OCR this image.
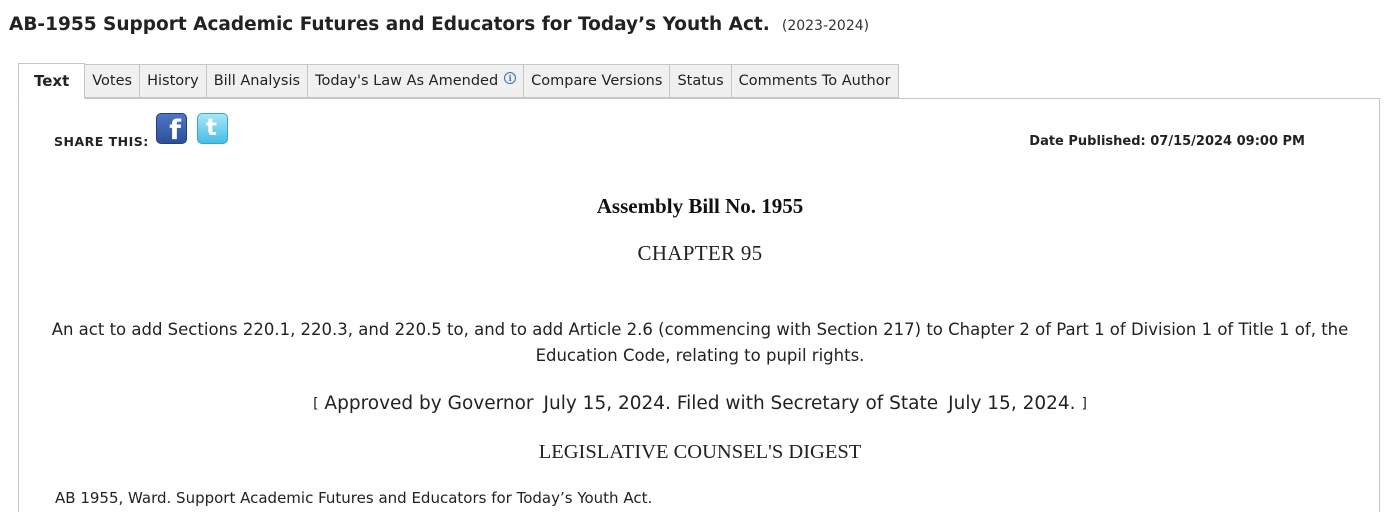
AB-1955 Support Academic Futures and Educators for Today’s Youth Act. (2023-2024)
Text Votes History Bill Analysis Today's Law As Amended	i	Compare Versions Status Comments To Author
SHARE THIS: f t
Date Published: 07/15/2024 09:00 PM
Assembly Bill No. 1955
CHAPTER 95
An act to add Sections 220.1, 220.3, and 220.5 to, and to add Article 2.6 (commencing with Section 217) to Chapter 2 of Part 1 of Division 1 of Title 1 of, the Education Code, relating to pupil rights.
[ Approved by Governor July 15, 2024. Filed with Secretary of State July 15, 2024. ]
LEGISLATIVE COUNSEL'S DIGEST
AB 1955, Ward. Support Academic Futures and Educators for Today’s Youth Act.
